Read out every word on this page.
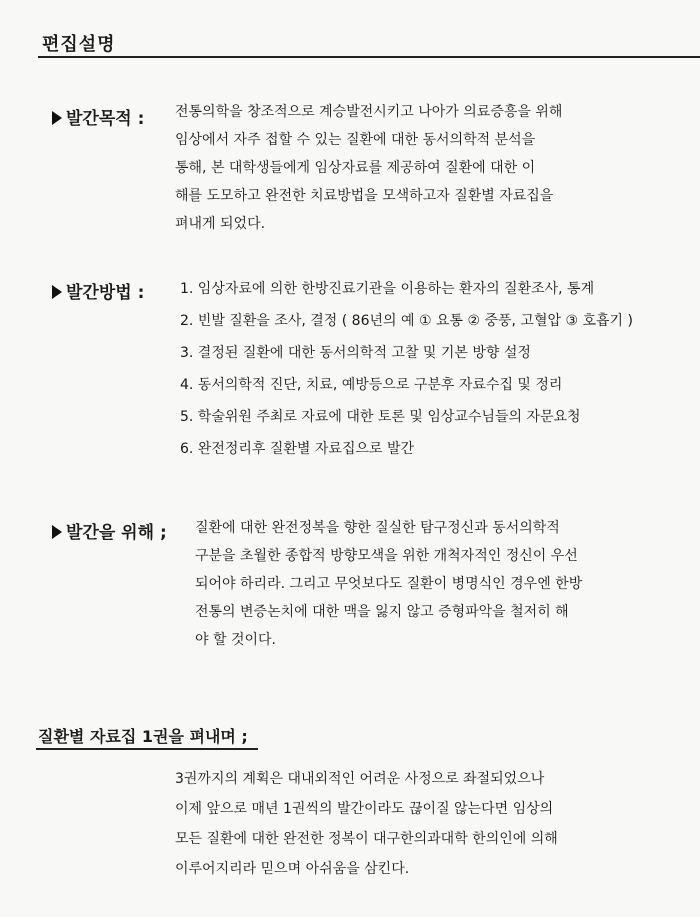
편집설명
발간목적 : 전통의학을 창조적으로 계승발전시키고 나아가 의료증흥을 위해
임상에서 자주 접할 수 있는 질환에 대한 동서의학적 분석을
통해, 본 대학생들에게 임상자료를 제공하여 질환에 대한 이
해를 도모하고 완전한 치료방법을 모색하고자 질환별 자료집을
펴내게 되었다.

발간방법 :	1. 임상자료에 의한 한방진료기관을 이용하는 환자의 질환조사, 통계
2. 빈발 질환을 조사, 결정 ( 86년의 예 ① 요통 ② 중풍, 고혈압 ③ 호흡기 )
3. 결정된 질환에 대한 동서의학적 고찰 및 기본 방향 설정
4. 동서의학적 진단, 치료, 예방등으로 구분후 자료수집 및 정리
5. 학술위원 주최로 자료에 대한 토론 및 임상교수님들의 자문요청
6. 완전정리후 질환별 자료집으로 발간
발간을 위해 ; 질환에 대한 완전정복을 향한 질실한 탐구정신과 동서의학적
구분을 초월한 종합적 방향모색을 위한 개척자적인 정신이 우선
되어야 하리라. 그리고 무엇보다도 질환이 병명식인 경우엔 한방
전통의 변증논치에 대한 맥을 잃지 않고 증형파악을 철저히 해
야 할 것이다.

질환별 자료집 1권을 펴내며 ;

3권까지의 계획은 대내외적인 어려운 사정으로 좌절되었으나
이제 앞으로 매년 1권씩의 발간이라도 끊이질 않는다면 임상의
모든 질환에 대한 완전한 정복이 대구한의과대학 한의인에 의해
이루어지리라 믿으며 아쉬움을 삼킨다.
